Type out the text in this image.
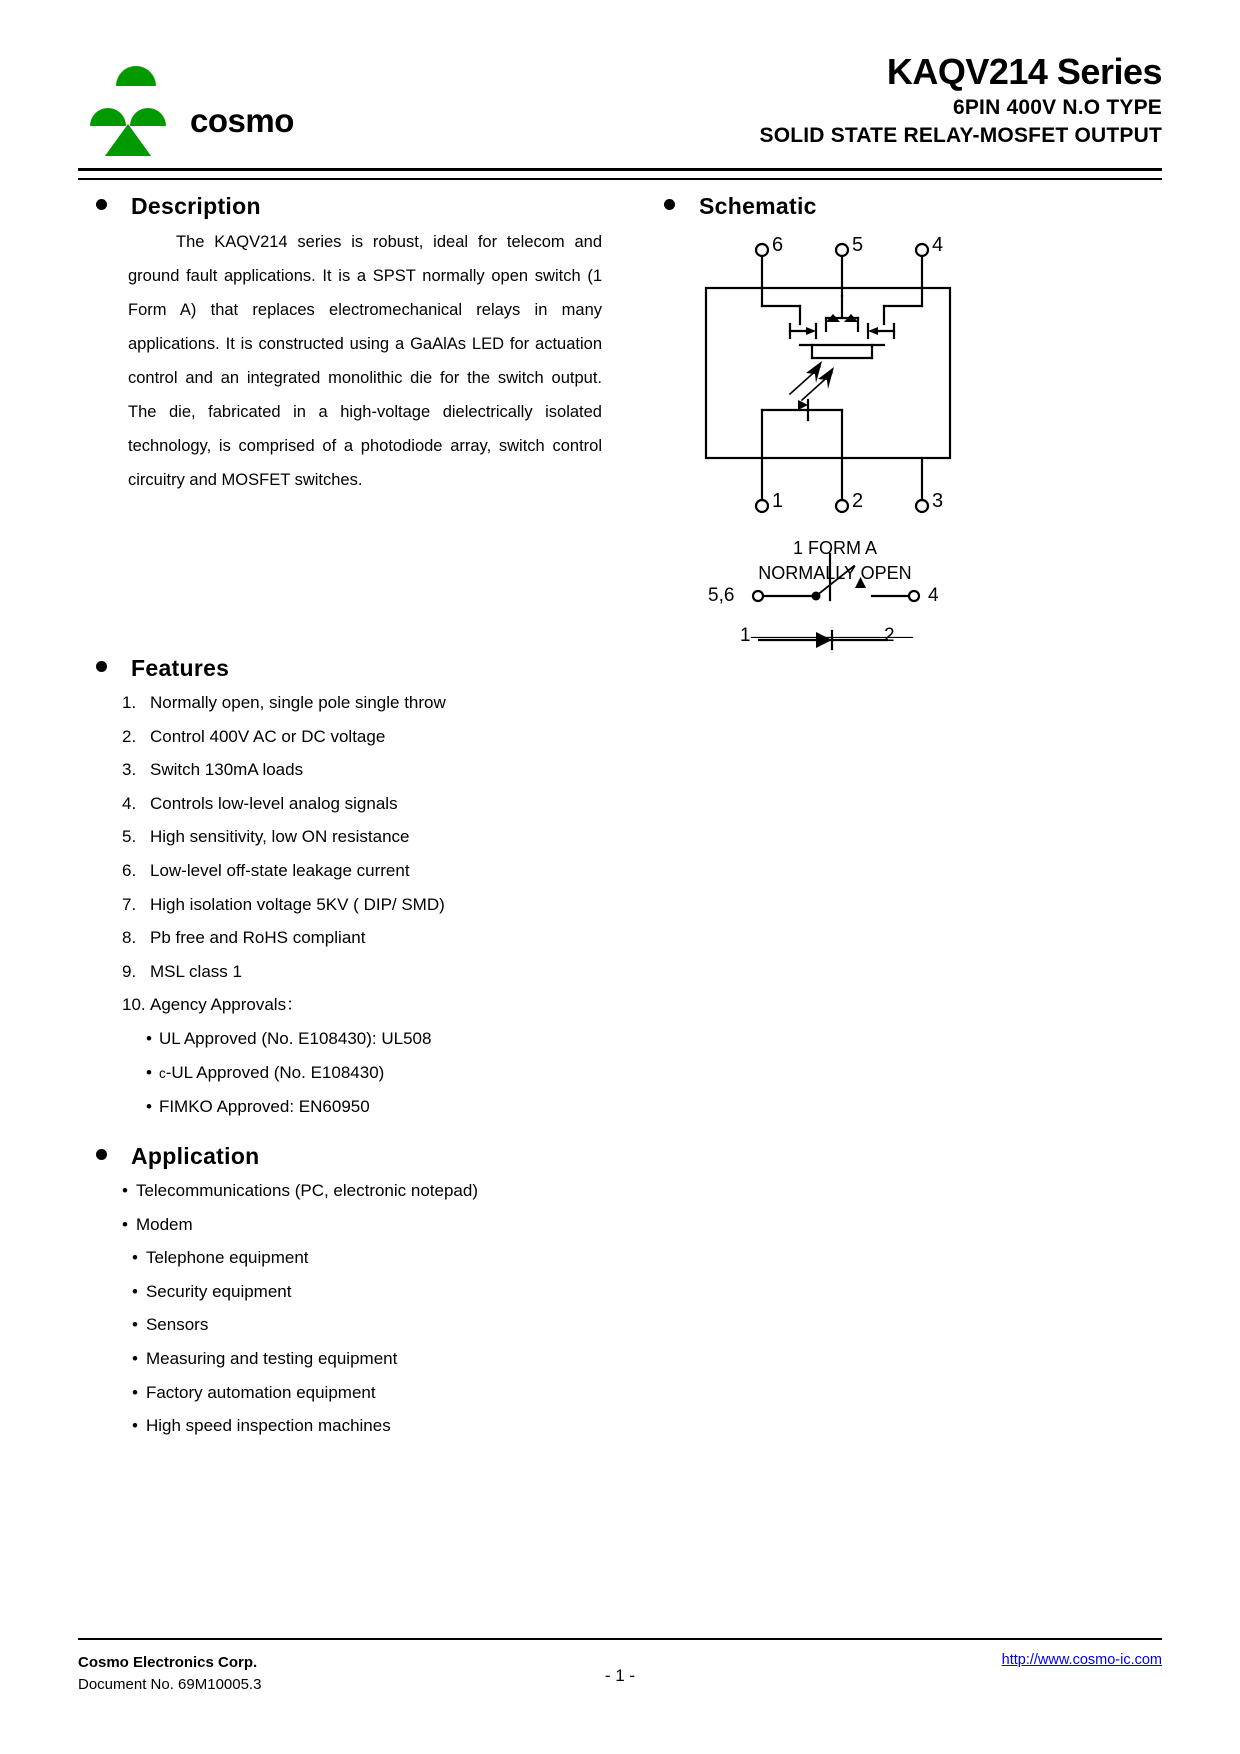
cosmo
KAQV214 Series
6PIN 400V N.O TYPE
SOLID STATE RELAY-MOSFET OUTPUT
Description

The KAQV214 series is robust, ideal for telecom and ground fault applications. It is a SPST normally open switch (1 Form A) that replaces electromechanical relays in many applications. It is constructed using a GaAlAs LED for actuation control and an integrated monolithic die for the switch output. The die, fabricated in a high-voltage dielectrically isolated technology, is comprised of a photodiode array, switch control circuitry and MOSFET switches.

Schematic
6	5	4
1	2	3
1 FORM A
NORMALLY OPEN
5,6	4
1	2
Features
1. Normally open, single pole single throw
2. Control 400V AC or DC voltage
3. Switch 130mA loads
4. Controls low-level analog signals
5. High sensitivity, low ON resistance
6. Low-level off-state leakage current
7. High isolation voltage 5KV ( DIP/ SMD)
8. Pb free and RoHS compliant
9. MSL class 1
10. Agency Approvals：
• UL Approved (No. E108430): UL508
• c-UL Approved (No. E108430)
• FIMKO Approved: EN60950
Application
• Telecommunications (PC, electronic notepad)
• Modem
• Telephone equipment
• Security equipment
• Sensors
• Measuring and testing equipment
• Factory automation equipment
• High speed inspection machines
Cosmo Electronics Corp.
Document No. 69M10005.3	- 1 -
http://www.cosmo-ic.com
